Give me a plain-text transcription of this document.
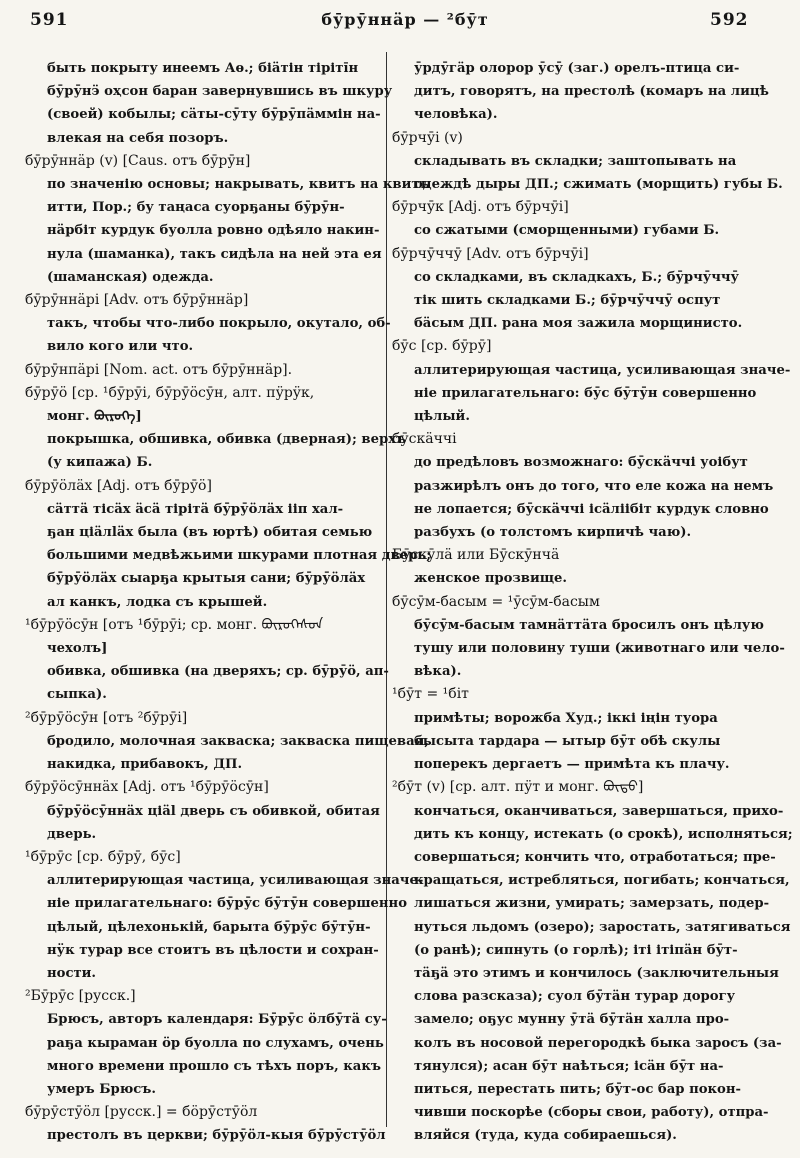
591	бӯрӯннäр — ²бӯт	592
быть покрыту инеемъ Аѳ.; біäтін тіріті̄н
бӯрӯнӭ оҳсон баран завернувшись въ шкуру
(своей) кобылы; сӓты-сӯту бӯрӯпӓммін на-
влекая на себя позоръ.
бӯрӯннäр (v) [Caus. отъ бӯрӯн]
по значенію основы; накрывать, квитъ на квитъ
итти, Пор.; бу таңаса суорҕаны бӯрӯн-
нäрбіт курдук буолла ровно одѣяло накин-
нула (шаманка), такъ сидѣла на ней эта ея
(шаманская) одежда.
бӯрӯннäрі [Adv. отъ бӯрӯннäр]
такъ, чтобы что-либо покрыло, окутало, об-
вило кого или что.
бӯрӯнпäрі [Nom. act. отъ бӯрӯннäр].
бӯрӯö [ср. ¹бӯрӯі, бӯрӯöсӯн, алт. пӱрӱк,
монг. ᠪᠦᠷᠦᠭᠡ]
покрышка, обшивка, обивка (дверная); верхъ
(у кипажа) Б.
бӯрӯöлäх [Adj. отъ бӯрӯö]
сӓттӓ тісäх äсä тірітä бӯрӯöлäх ііп хал-
ҕан ціäлläх была (въ юртѣ) обитая семью
большими медвѣжьими шкурами плотная дверь;
бӯрӯöлäх сыарҕа крытыя сани; бӯрӯöлäх
ал канкъ, лодка съ крышей.
¹бӯрӯöсӯн [отъ ¹бӯрӯі; ср. монг. ᠪᠦᠷᠦᠭᠡᠰᠦᠨ
чехолъ]
обивка, обшивка (на дверяхъ; ср. бӯрӯö, ап-
сыпка).
²бӯрӯöсӯн [отъ ²бӯрӯі]
бродило, молочная закваска; закваска пищевая,
накидка, прибавокъ, ДП.
бӯрӯöсӯннäх [Adj. отъ ¹бӯрӯöсӯн]
бӯрӯöсӯннäх ціäl дверь съ обивкой, обитая
дверь.
¹бӯрӯс [ср. бӯрӯ, бӯс]
аллитерирующая частица, усиливающая значе-
ніе прилагательнаго: бӯрӯс бӯтӯн совершенно
цѣлый, цѣлехонькій, барыта бӯрӯс бӯтӯн-
нӱк турар все стоитъ въ цѣлости и сохран-
ности.
²Бӯрӯс [русск.]
Брюсъ, авторъ календаря: Бӯрӯс öлбӯтӓ су-
раҕа кыраман öр буолла по слухамъ, очень
много времени прошло съ тѣхъ поръ, какъ
умеръ Брюсъ.
бӯрӯстӯöл [русск.] = бöрӯстӯöл
престолъ въ церкви; бӯрӯöл-кыя бӯрӯстӯöл
ӯрдӯгäр олорор ӯсӯ (заг.) орелъ-птица си-
дитъ, говорятъ, на престолѣ (комаръ на лицѣ
человѣка).
бӯрчӯі (v)
складывать въ складки; заштопывать на
одеждѣ дыры ДП.; сжимать (морщить) губы Б.
бӯрчӯк [Adj. отъ бӯрчӯі]
со сжатыми (сморщенными) губами Б.
бӯрчӯччӯ [Adv. отъ бӯрчӯі]
со складками, въ складкахъ, Б.; бӯрчӯччӯ
тік шить складками Б.; бӯрчӯччӯ оспут
бäсым ДП. рана моя зажила морщинисто.
бӯс [ср. бӯрӯ]
аллитерирующая частица, усиливающая значе-
ніе прилагательнаго: бӯс бӯтӯн совершенно
цѣлый.
бӯскäччі
до предѣловъ возможнаго: бӯскäччі уоібут
разжирѣлъ онъ до того, что еле кожа на немъ
не лопается; бӯскäччі ісäліібіт курдук словно
разбухъ (о толстомъ кирпичѣ чаю).
Бӯскӯлӓ или Бӯскӯнчӓ
женское прозвище.
бӯсӯм-басым = ¹ӯсӯм-басым
бӯсӯм-басым тамнäттӓта бросилъ онъ цѣлую
тушу или половину туши (животнаго или чело-
вѣка).
¹бӯт = ¹біт
примѣты; ворожба Худ.; іккі іңін туора
бысыта тардара — ытыр бӯт обѣ скулы
поперекъ дергаетъ — примѣта къ плачу.
²бӯт (v) [ср. алт. пӱт и монг. ᠪᠦᠲᠦ]
кончаться, оканчиваться, завершаться, прихо-
дить къ концу, истекать (о срокѣ), исполняться;
совершаться; кончить что, отработаться; пре-
кращаться, истребляться, погибать; кончаться,
лишаться жизни, умирать; замерзать, подер-
нуться льдомъ (озеро); заростать, затягиваться
(о ранѣ); сипнуть (о горлѣ); іті ітіпäн бӯт-
тӓҕӓ это этимъ и кончилось (заключительныя
слова разсказа); суол бӯтäн турар дорогу
замело; оҕус мунну ӯтӓ бӯтäн халла про-
колъ въ носовой перегородкѣ быка заросъ (за-
тянулся); асан бӯт наѣться; іcäн бӯт на-
питься, перестать пить; бӯт-ос бар покон-
чивши поскорѣе (сборы свои, работу), отпра-
вляйся (туда, куда собираешься).
